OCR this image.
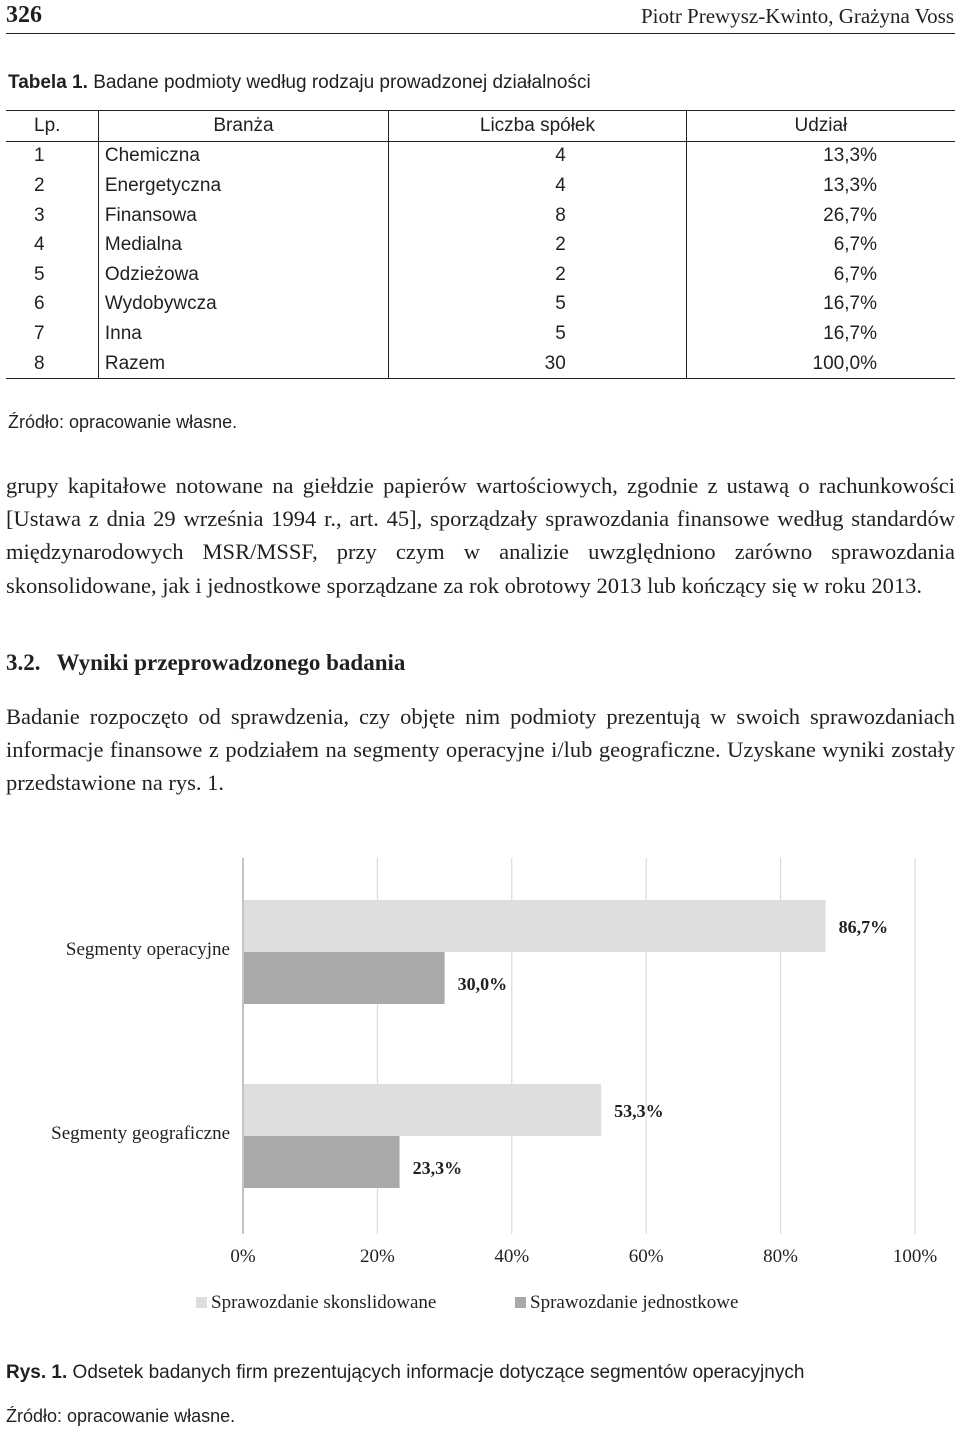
326	Piotr Prewysz-Kwinto, Grażyna Voss
Tabela 1. Badane podmioty według rodzaju prowadzonej działalności
Lp.	Branża	Liczba spółek	Udział
1	Chemiczna	4	13,3%
2	Energetyczna	4	13,3%
3	Finansowa	8	26,7%
4	Medialna	2	6,7%
5	Odzieżowa	2	6,7%
6	Wydobywcza	5	16,7%
7	Inna	5	16,7%
8	Razem	30	100,0%
Źródło: opracowanie własne.
grupy kapitałowe notowane na giełdzie papierów wartościowych, zgodnie z ustawą o rachunkowości [Ustawa z dnia 29 września 1994 r., art. 45], sporządzały sprawozdania finansowe według standardów międzynarodowych MSR/MSSF, przy czym w analizie uwzględniono zarówno sprawozdania skonsolidowane, jak i jednostkowe sporządzane za rok obrotowy 2013 lub kończący się w roku 2013.
3.2. Wyniki przeprowadzonego badania
Badanie rozpoczęto od sprawdzenia, czy objęte nim podmioty prezentują w swoich sprawozdaniach informacje finansowe z podziałem na segmenty operacyjne i/lub geograficzne. Uzyskane wyniki zostały przedstawione na rys. 1.
0%	20%	40%	60%	80%	100%
Segmenty operacyjne
86,7%
30,0%
Segmenty geograficzne
53,3%
23,3%
Sprawozdanie skonslidowane	Sprawozdanie jednostkowe
Rys. 1. Odsetek badanych firm prezentujących informacje dotyczące segmentów operacyjnych
Źródło: opracowanie własne.
